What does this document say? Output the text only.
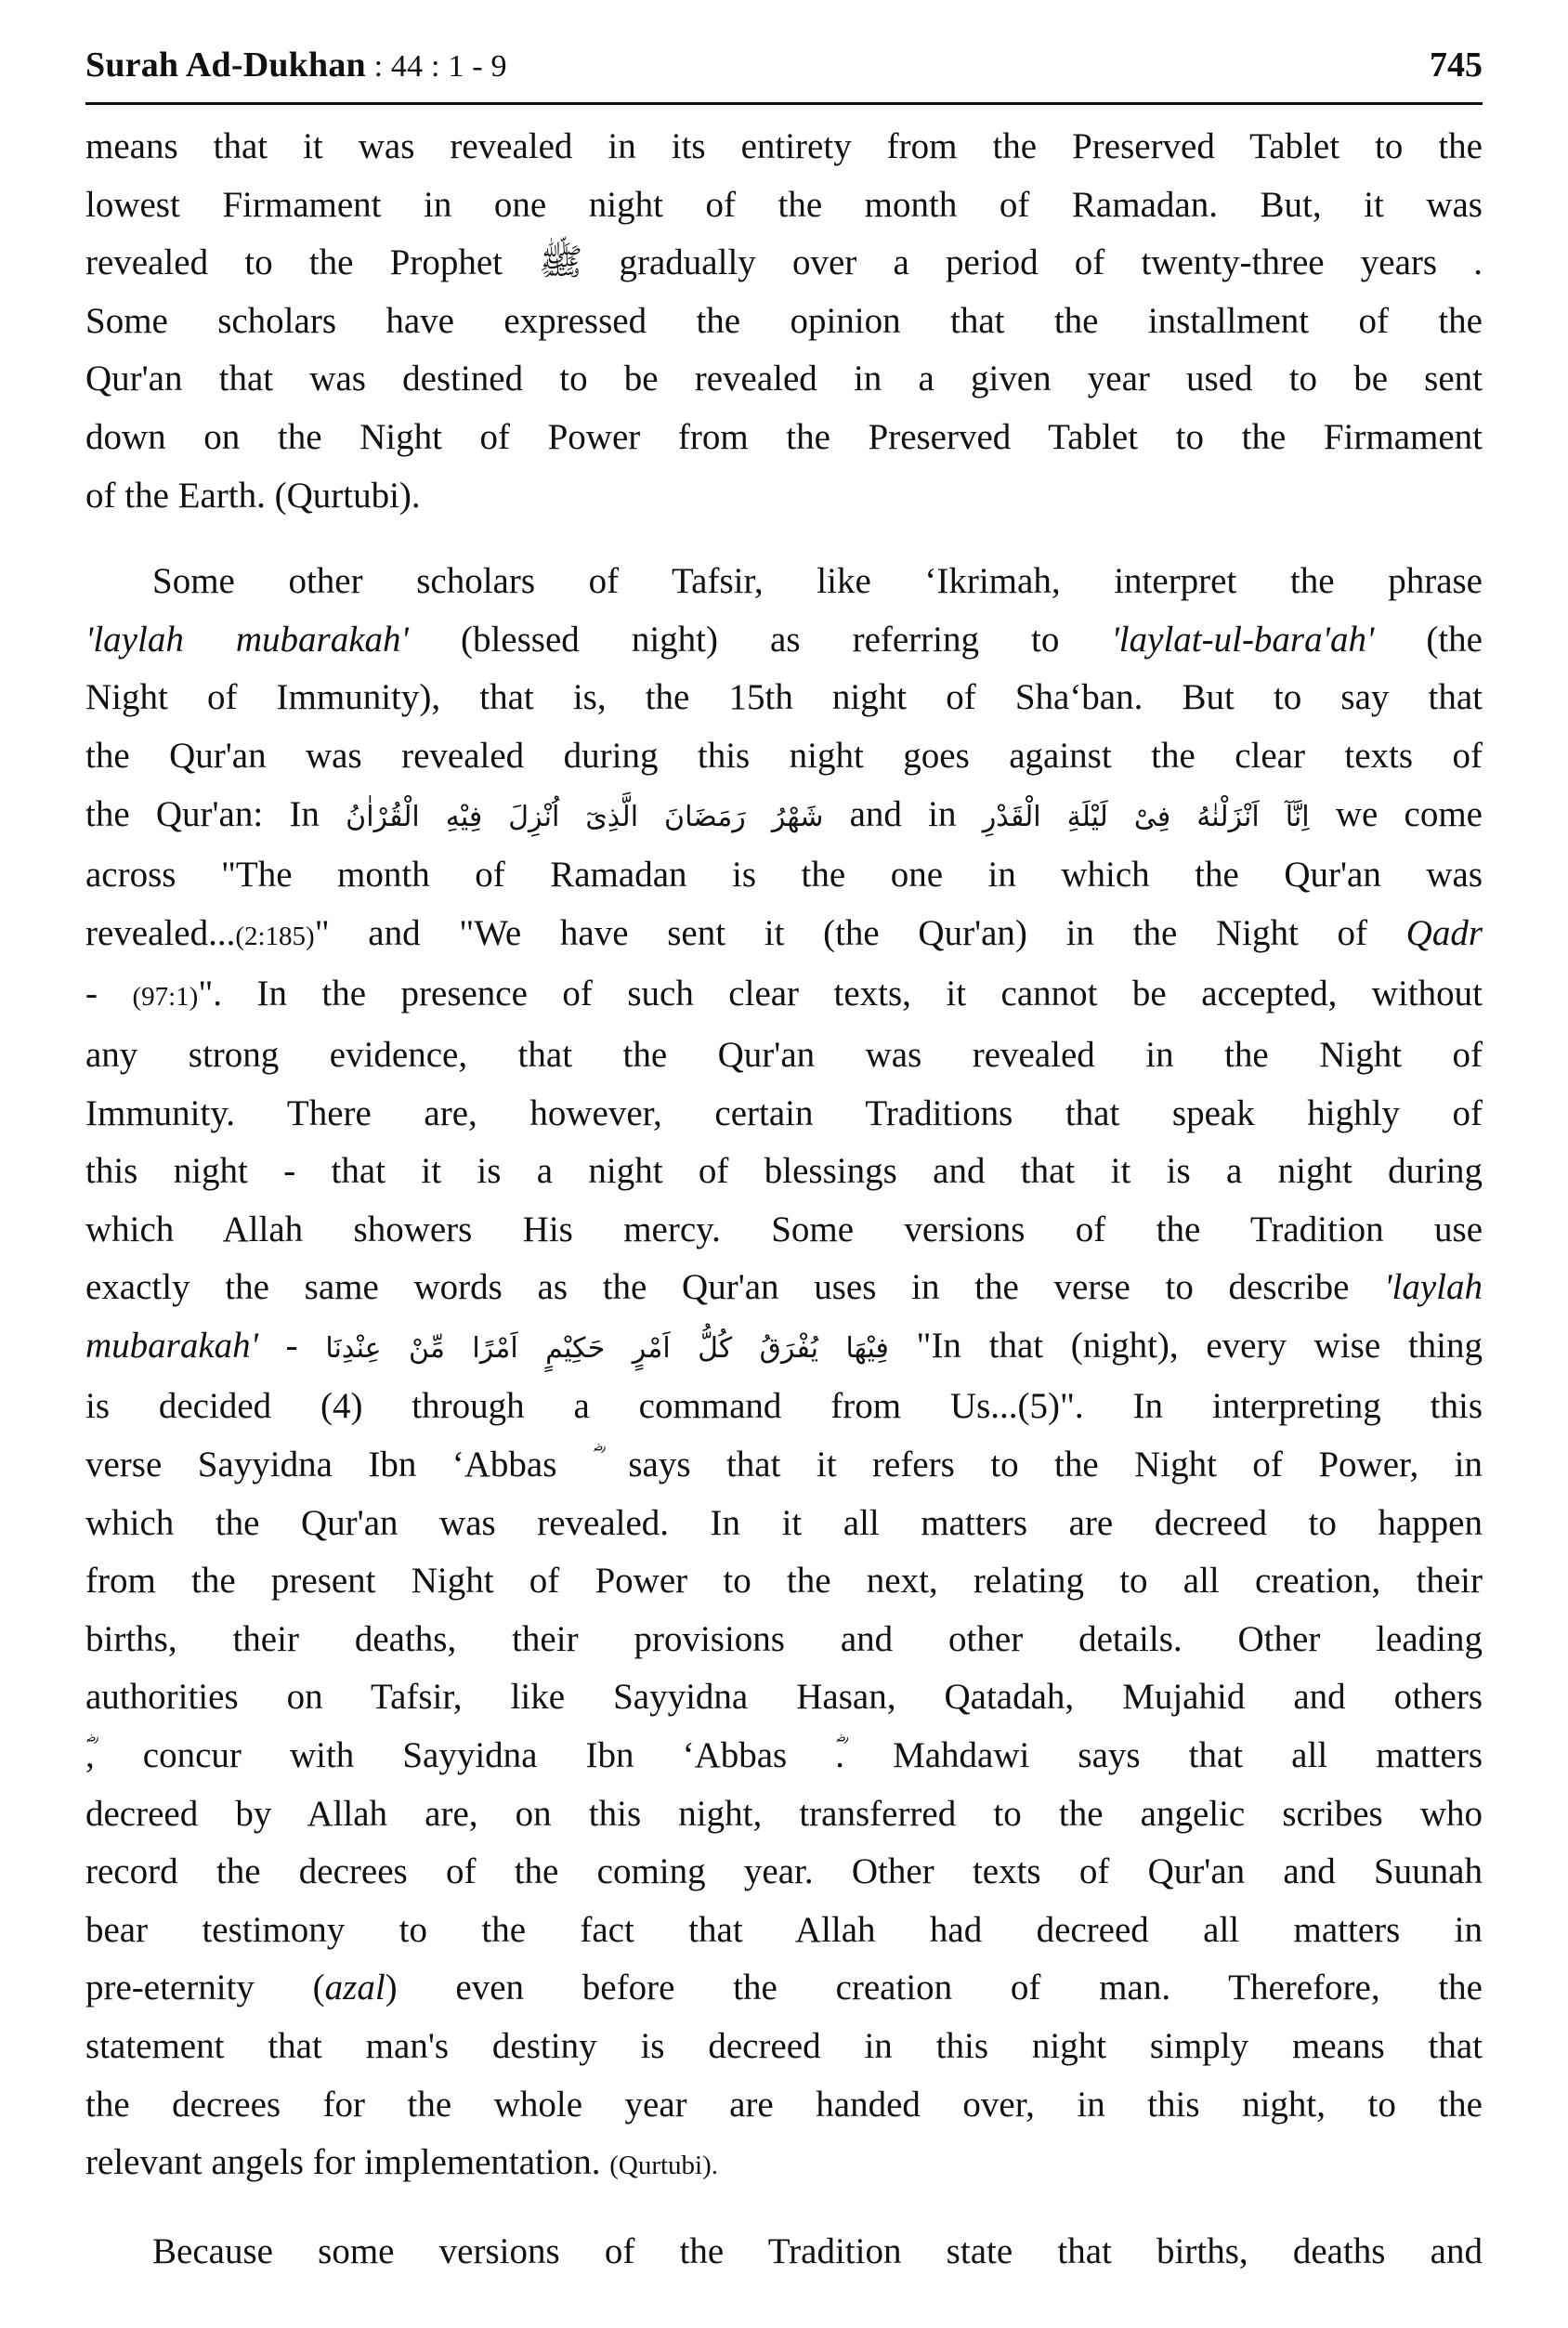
Surah Ad-Dukhan : 44 : 1 - 9	745
means that it was revealed in its entirety from the Preserved Tablet to the
lowest Firmament in one night of the month of Ramadan. But, it was
revealed to the Prophet ﷺ gradually over a period of twenty-three years .
Some scholars have expressed the opinion that the installment of the
Qur'an that was destined to be revealed in a given year used to be sent
down on the Night of Power from the Preserved Tablet to the Firmament
of the Earth. (Qurtubi).
Some other scholars of Tafsir, like ‘Ikrimah, interpret the phrase
'laylah mubarakah' (blessed night) as referring to 'laylat-ul-bara'ah' (the
Night of Immunity), that is, the 15th night of Sha‘ban. But to say that
the Qur'an was revealed during this night goes against the clear texts of
the Qur'an: In شَهْرُ رَمَضَانَ الَّذِىٓ اُنْزِلَ فِيْهِ الْقُرْاٰنُ and in اِنَّآ اَنْزَلْنٰهُ فِىْ لَيْلَةِ الْقَدْرِ we come
across "The month of Ramadan is the one in which the Qur'an was
revealed...(2:185)" and "We have sent it (the Qur'an) in the Night of Qadr
- (97:1)". In the presence of such clear texts, it cannot be accepted, without
any strong evidence, that the Qur'an was revealed in the Night of
Immunity. There are, however, certain Traditions that speak highly of
this night - that it is a night of blessings and that it is a night during
which Allah showers His mercy. Some versions of the Tradition use
exactly the same words as the Qur'an uses in the verse to describe 'laylah
mubarakah' - فِيْهَا يُفْرَقُ كُلُّ اَمْرٍ حَكِيْمٍ اَمْرًا مِّنْ عِنْدِنَا "In that (night), every wise thing
is decided (4) through a command from Us...(5)". In interpreting this
verse Sayyidna Ibn ‘Abbas ؓ says that it refers to the Night of Power, in
which the Qur'an was revealed. In it all matters are decreed to happen
from the present Night of Power to the next, relating to all creation, their
births, their deaths, their provisions and other details. Other leading
authorities on Tafsir, like Sayyidna Hasan, Qatadah, Mujahid and others
ؓ, concur with Sayyidna Ibn ‘Abbas ؓ. Mahdawi says that all matters
decreed by Allah are, on this night, transferred to the angelic scribes who
record the decrees of the coming year. Other texts of Qur'an and Suunah
bear testimony to the fact that Allah had decreed all matters in
pre-eternity (azal) even before the creation of man. Therefore, the
statement that man's destiny is decreed in this night simply means that
the decrees for the whole year are handed over, in this night, to the
relevant angels for implementation. (Qurtubi).
Because some versions of the Tradition state that births, deaths and
